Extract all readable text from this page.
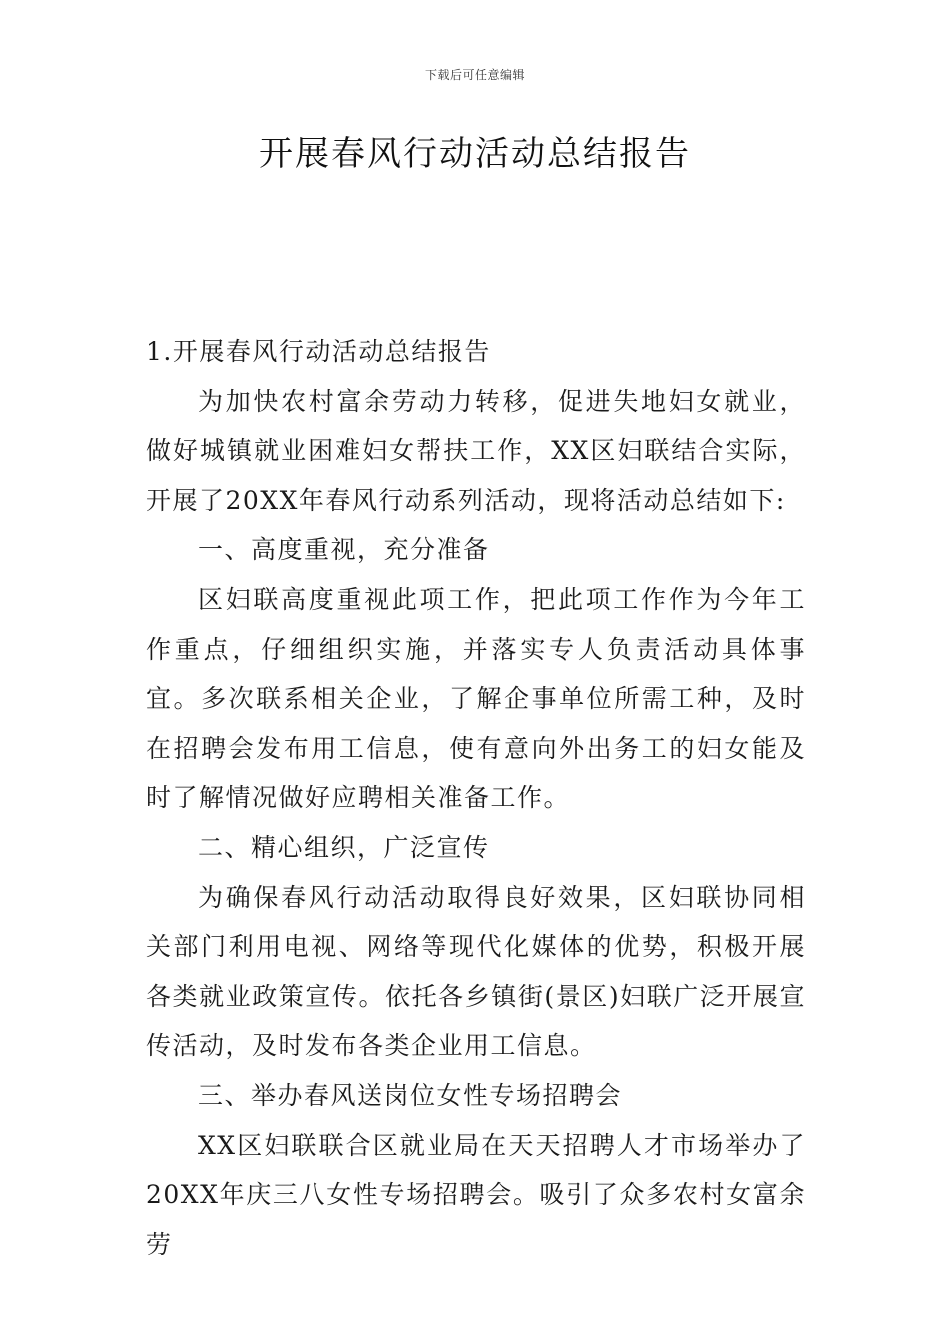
下载后可任意编辑
开展春风行动活动总结报告

1.开展春风行动活动总结报告

为加快农村富余劳动力转移，促进失地妇女就业，做好城镇就业困难妇女帮扶工作，XX区妇联结合实际，开展了20XX年春风行动系列活动，现将活动总结如下:

一、高度重视，充分准备

区妇联高度重视此项工作，把此项工作作为今年工作重点，仔细组织实施，并落实专人负责活动具体事宜。多次联系相关企业，了解企事单位所需工种，及时在招聘会发布用工信息，使有意向外出务工的妇女能及时了解情况做好应聘相关准备工作。

二、精心组织，广泛宣传

为确保春风行动活动取得良好效果，区妇联协同相关部门利用电视、网络等现代化媒体的优势，积极开展各类就业政策宣传。依托各乡镇街(景区)妇联广泛开展宣传活动，及时发布各类企业用工信息。

三、举办春风送岗位女性专场招聘会

XX区妇联联合区就业局在天天招聘人才市场举办了20XX年庆三八女性专场招聘会。吸引了众多农村女富余劳
